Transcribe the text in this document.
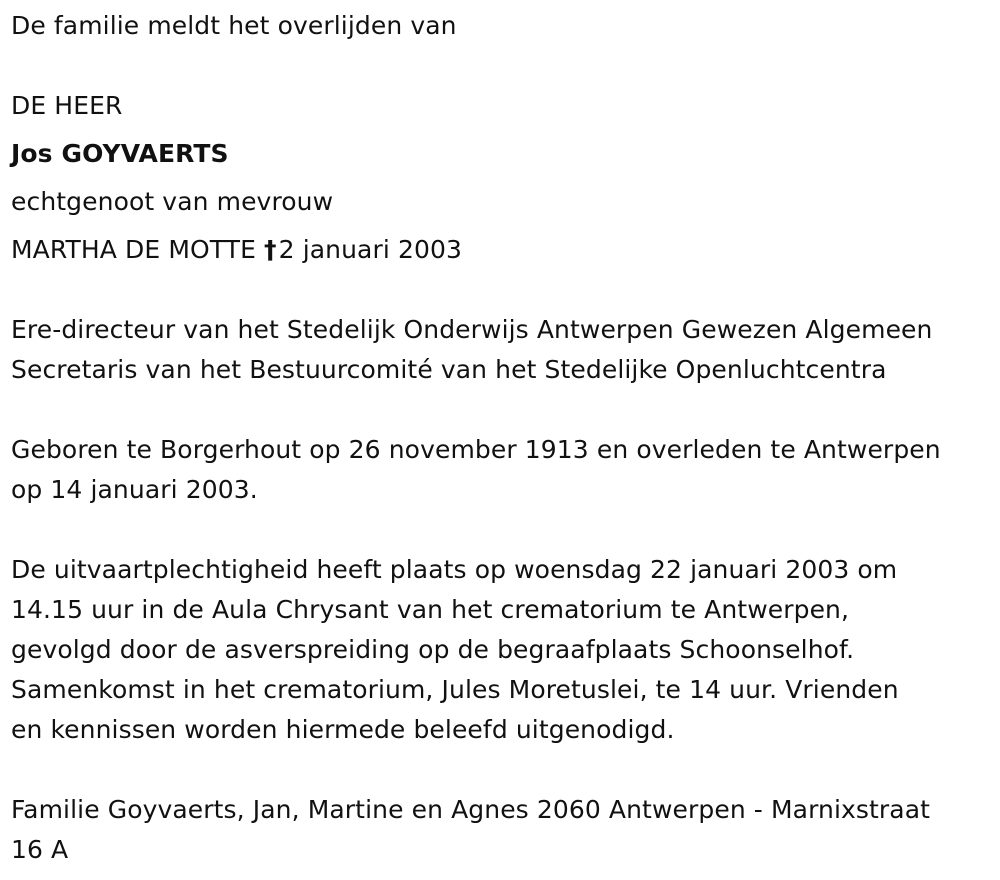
De familie meldt het overlijden van
DE HEER
Jos GOYVAERTS
echtgenoot van mevrouw
MARTHA DE MOTTE †2 januari 2003
Ere-directeur van het Stedelijk Onderwijs Antwerpen Gewezen Algemeen
Secretaris van het Bestuurcomité van het Stedelijke Openluchtcentra
Geboren te Borgerhout op 26 november 1913 en overleden te Antwerpen
op 14 januari 2003.
De uitvaartplechtigheid heeft plaats op woensdag 22 januari 2003 om
14.15 uur in de Aula Chrysant van het crematorium te Antwerpen,
gevolgd door de asverspreiding op de begraafplaats Schoonselhof.
Samenkomst in het crematorium, Jules Moretuslei, te 14 uur. Vrienden
en kennissen worden hiermede beleefd uitgenodigd.
Familie Goyvaerts, Jan, Martine en Agnes 2060 Antwerpen - Marnixstraat
16 A
